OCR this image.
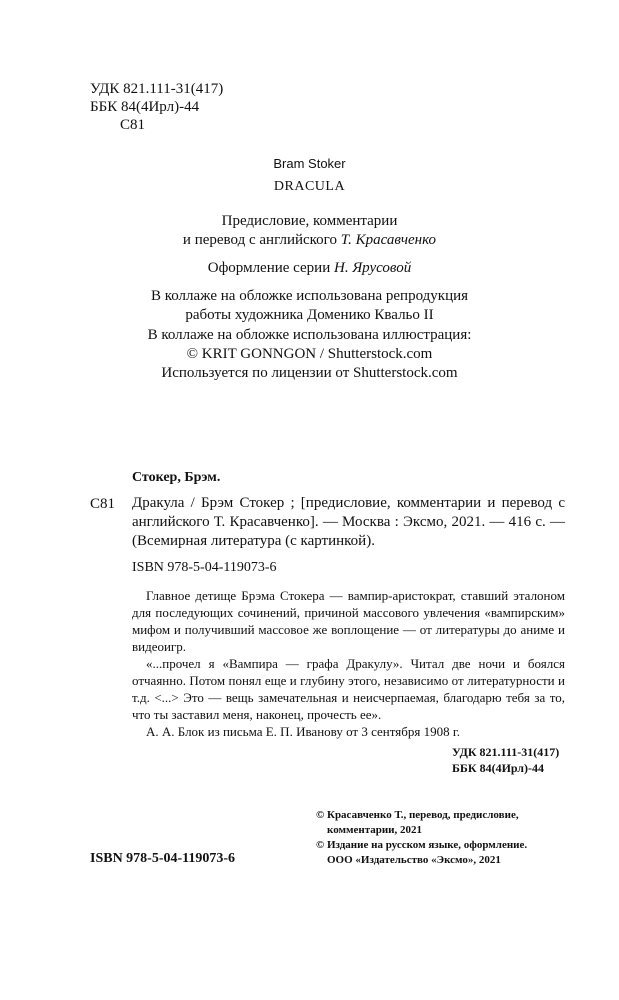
УДК 821.111-31(417)
ББК 84(4Ирл)-44
С81
Bram Stoker
DRACULA
Предисловие, комментарии
и перевод с английского Т. Красавченко
Оформление серии Н. Ярусовой
В коллаже на обложке использована репродукция
работы художника Доменико Квальо II
В коллаже на обложке использована иллюстрация:
© KRIT GONNGON / Shutterstock.com
Используется по лицензии от Shutterstock.com
Стокер, Брэм.
С81 Дракула / Брэм Стокер ; [предисловие, комментарии и перевод с английского Т. Красавченко]. — Москва : Эксмо, 2021. — 416 с. — (Всемирная литература (с картинкой).
ISBN 978-5-04-119073-6

Главное детище Брэма Стокера — вампир-аристократ, ставший эталоном для последующих сочинений, причиной массового увлечения «вампирским» мифом и получивший массовое же воплощение — от литературы до аниме и видеоигр.

«...прочел я «Вампира — графа Дракулу». Читал две ночи и боялся отчаянно. Потом понял еще и глубину этого, независимо от литературности и т.д. <...> Это — вещь замечательная и неисчерпаемая, благодарю тебя за то, что ты заставил меня, наконец, прочесть ее».

А. А. Блок из письма Е. П. Иванову от 3 сентября 1908 г.

УДК 821.111-31(417)
ББК 84(4Ирл)-44
© Красавченко Т., перевод, предисловие,
комментарии, 2021
© Издание на русском языке, оформление.
ООО «Издательство «Эксмо», 2021
ISBN 978-5-04-119073-6
